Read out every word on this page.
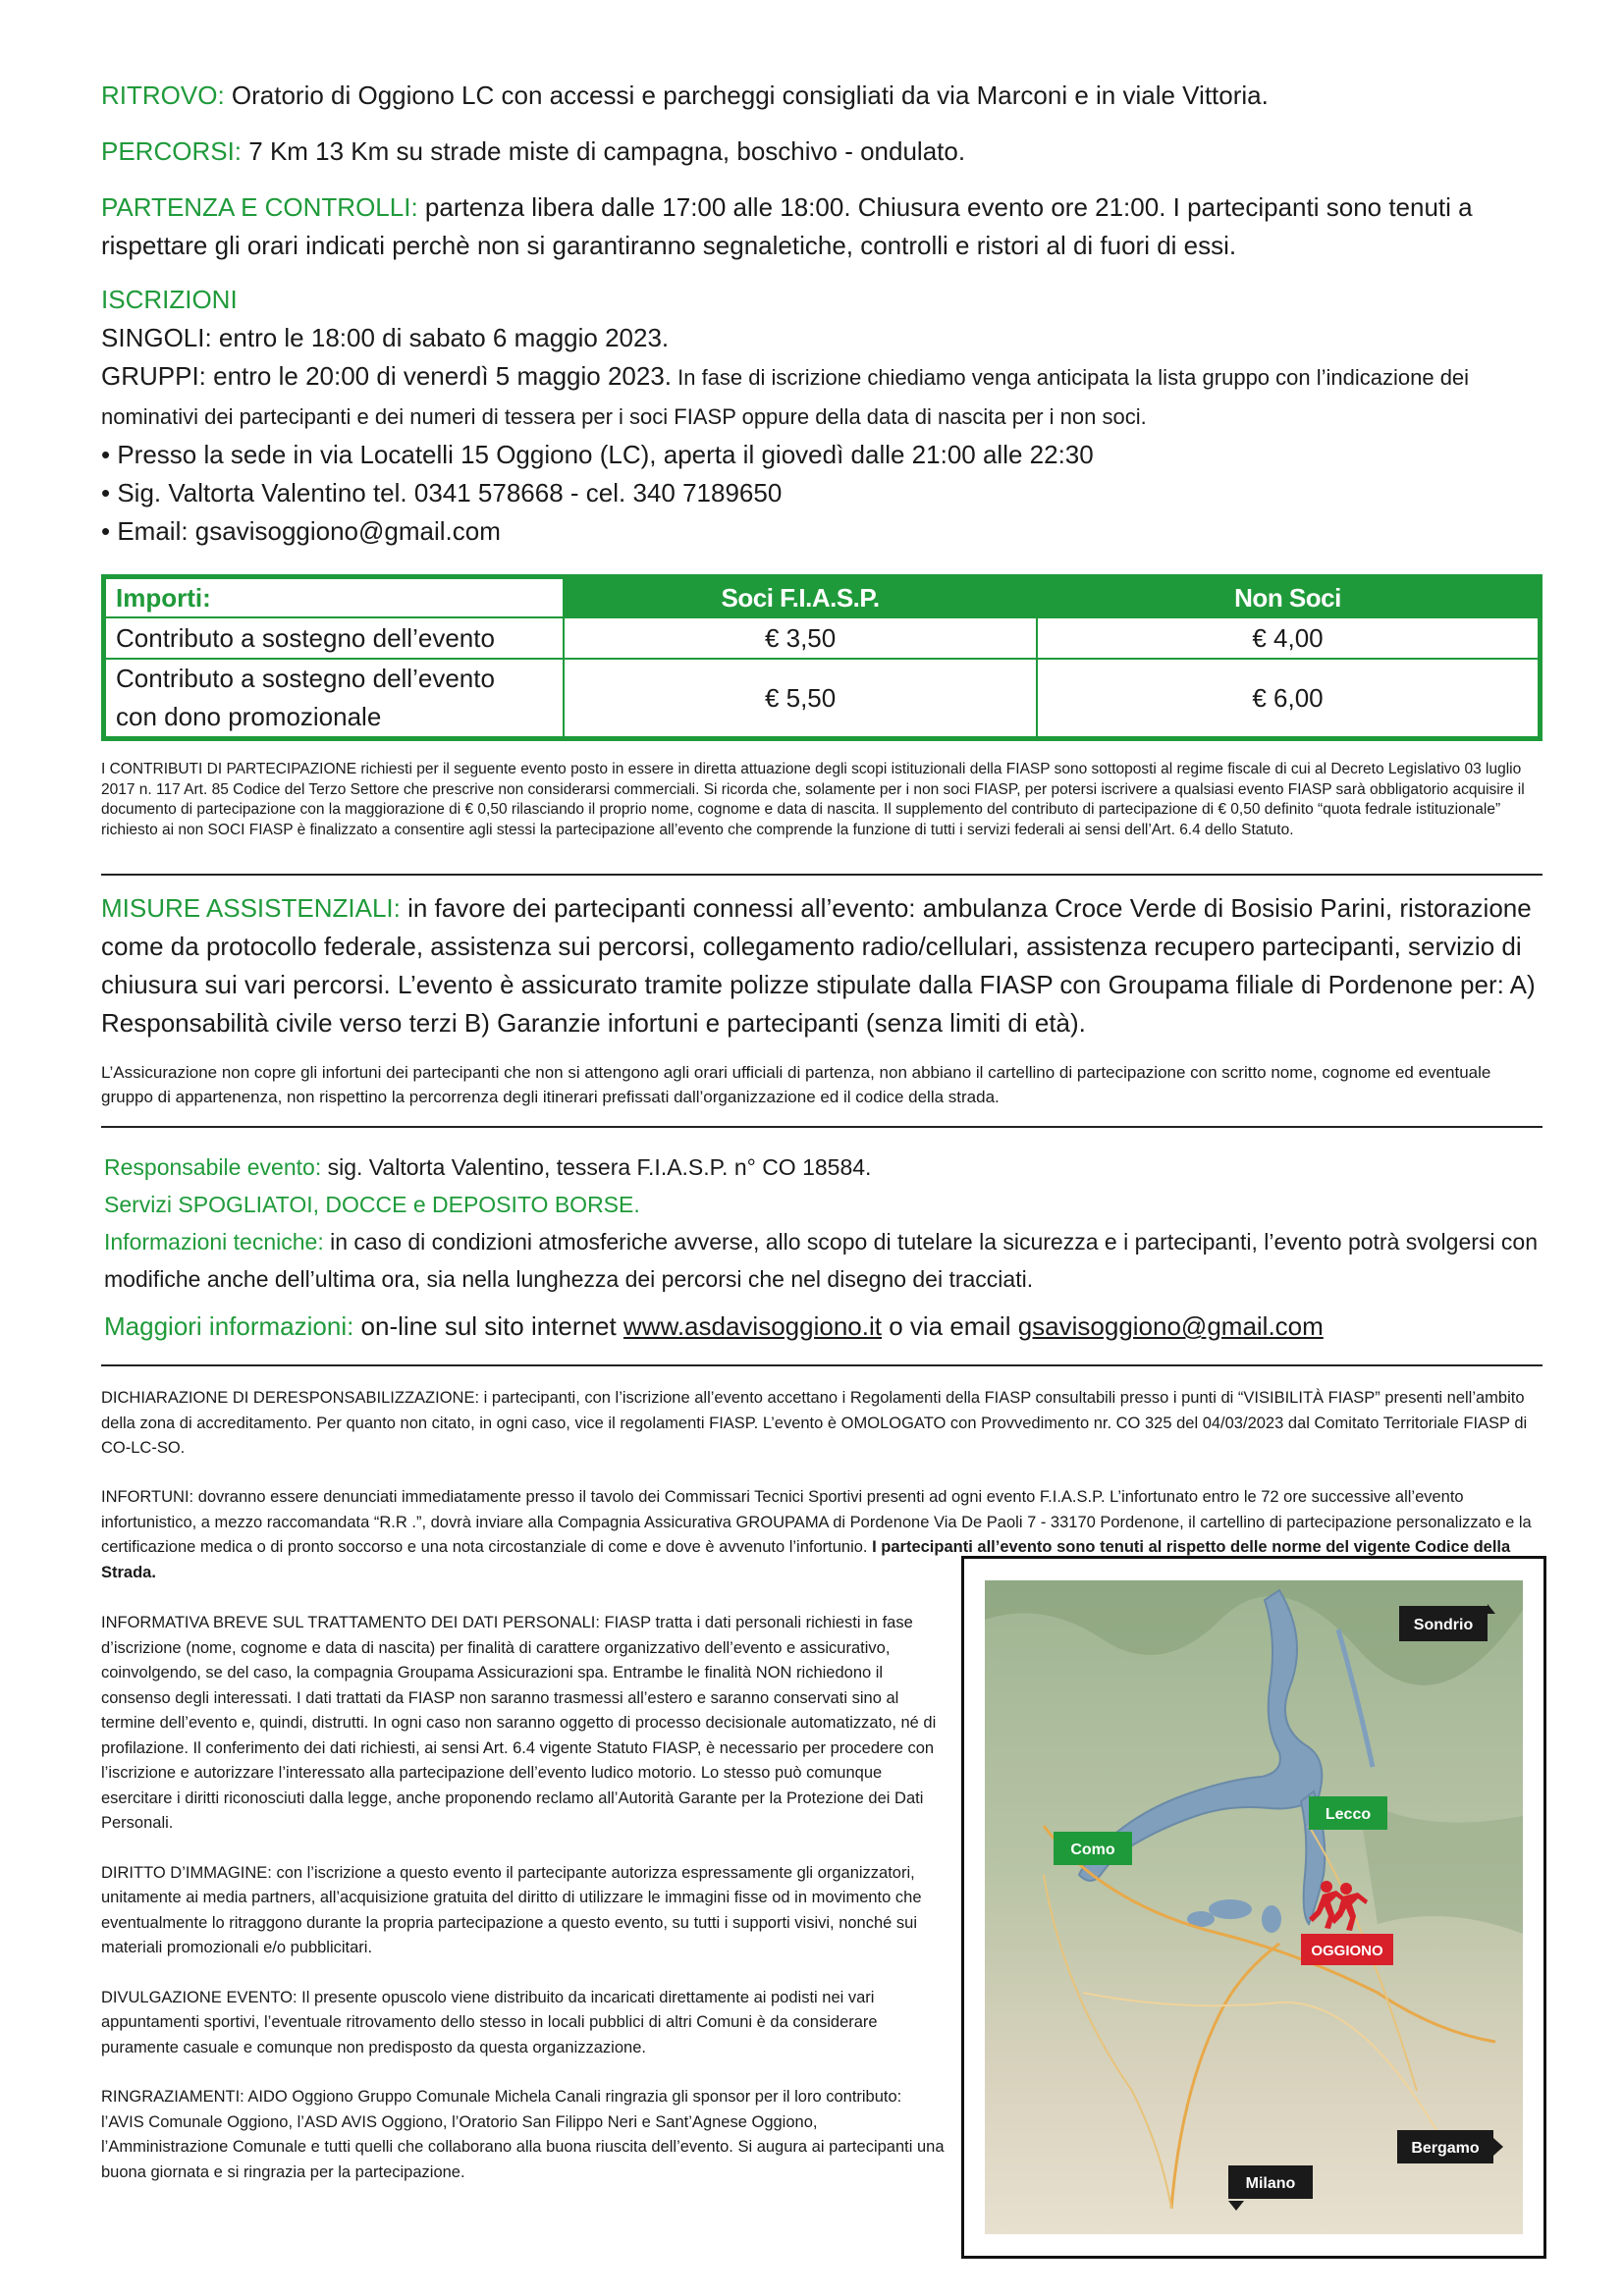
RITROVO: Oratorio di Oggiono LC con accessi e parcheggi consigliati da via Marconi e in viale Vittoria.

PERCORSI: 7 Km 13 Km su strade miste di campagna, boschivo - ondulato.

PARTENZA E CONTROLLI: partenza libera dalle 17:00 alle 18:00. Chiusura evento ore 21:00. I partecipanti sono tenuti a rispettare gli orari indicati perchè non si garantiranno segnaletiche, controlli e ristori al di fuori di essi.

ISCRIZIONI
SINGOLI: entro le 18:00 di sabato 6 maggio 2023.
GRUPPI: entro le 20:00 di venerdì 5 maggio 2023. In fase di iscrizione chiediamo venga anticipata la lista gruppo con l’indicazione dei nominativi dei partecipanti e dei numeri di tessera per i soci FIASP oppure della data di nascita per i non soci.
• Presso la sede in via Locatelli 15 Oggiono (LC), aperta il giovedì dalle 21:00 alle 22:30
• Sig. Valtorta Valentino tel. 0341 578668 - cel. 340 7189650
• Email: gsavisoggiono@gmail.com
Importi:	Soci F.I.A.S.P.	Non Soci
Contributo a sostegno dell’evento	€ 3,50	€ 4,00

Contributo a sostegno dell’evento
con dono promozionale	€ 5,50	€ 6,00

I CONTRIBUTI DI PARTECIPAZIONE richiesti per il seguente evento posto in essere in diretta attuazione degli scopi istituzionali della FIASP sono sottoposti al regime fiscale di cui al Decreto Legislativo 03 luglio 2017 n. 117 Art. 85 Codice del Terzo Settore che prescrive non considerarsi commerciali. Si ricorda che, solamente per i non soci FIASP, per potersi iscrivere a qualsiasi evento FIASP sarà obbligatorio acquisire il documento di partecipazione con la maggiorazione di € 0,50 rilasciando il proprio nome, cognome e data di nascita. Il supplemento del contributo di partecipazione di € 0,50 definito “quota fedrale istituzionale” richiesto ai non SOCI FIASP è finalizzato a consentire agli stessi la partecipazione all’evento che comprende la funzione di tutti i servizi federali ai sensi dell’Art. 6.4 dello Statuto.

MISURE ASSISTENZIALI: in favore dei partecipanti connessi all’evento: ambulanza Croce Verde di Bosisio Parini, ristorazione come da protocollo federale, assistenza sui percorsi, collegamento radio/cellulari, assistenza recupero partecipanti, servizio di chiusura sui vari percorsi. L’evento è assicurato tramite polizze stipulate dalla FIASP con Groupama filiale di Pordenone per: A) Responsabilità civile verso terzi B) Garanzie infortuni e partecipanti (senza limiti di età).

L’Assicurazione non copre gli infortuni dei partecipanti che non si attengono agli orari ufficiali di partenza, non abbiano il cartellino di partecipazione con scritto nome, cognome ed eventuale gruppo di appartenenza, non rispettino la percorrenza degli itinerari prefissati dall’organizzazione ed il codice della strada.

Responsabile evento: sig. Valtorta Valentino, tessera F.I.A.S.P. n° CO 18584.

Servizi SPOGLIATOI, DOCCE e DEPOSITO BORSE.

Informazioni tecniche: in caso di condizioni atmosferiche avverse, allo scopo di tutelare la sicurezza e i partecipanti, l’evento potrà svolgersi con modifiche anche dell’ultima ora, sia nella lunghezza dei percorsi che nel disegno dei tracciati.

Maggiori informazioni: on-line sul sito internet www.asdavisoggiono.it o via email gsavisoggiono@gmail.com

DICHIARAZIONE DI DERESPONSABILIZZAZIONE: i partecipanti, con l’iscrizione all’evento accettano i Regolamenti della FIASP consultabili presso i punti di “VISIBILITÀ FIASP” presenti nell’ambito della zona di accreditamento. Per quanto non citato, in ogni caso, vice il regolamenti FIASP. L’evento è OMOLOGATO con Provvedimento nr. CO 325 del 04/03/2023 dal Comitato Territoriale FIASP di CO-LC-SO.

INFORTUNI: dovranno essere denunciati immediatamente presso il tavolo dei Commissari Tecnici Sportivi presenti ad ogni evento F.I.A.S.P. L’infortunato entro le 72 ore successive all’evento infortunistico, a mezzo raccomandata “R.R .”, dovrà inviare alla Compagnia Assicurativa GROUPAMA di Pordenone Via De Paoli 7 - 33170 Pordenone, il cartellino di partecipazione personalizzato e la certificazione medica o di pronto soccorso e una nota circostanziale di come e dove è avvenuto l’infortunio. I partecipanti all’evento sono tenuti al rispetto delle norme del vigente Codice della Strada.

INFORMATIVA BREVE SUL TRATTAMENTO DEI DATI PERSONALI: FIASP tratta i dati personali richiesti in fase d’iscrizione (nome, cognome e data di nascita) per finalità di carattere organizzativo dell’evento e assicurativo, coinvolgendo, se del caso, la compagnia Groupama Assicurazioni spa. Entrambe le finalità NON richiedono il consenso degli interessati. I dati trattati da FIASP non saranno trasmessi all’estero e saranno conservati sino al termine dell’evento e, quindi, distrutti. In ogni caso non saranno oggetto di processo decisionale automatizzato, né di profilazione. Il conferimento dei dati richiesti, ai sensi Art. 6.4 vigente Statuto FIASP, è necessario per procedere con l’iscrizione e autorizzare l’interessato alla partecipazione dell’evento ludico motorio. Lo stesso può comunque esercitare i diritti riconosciuti dalla legge, anche proponendo reclamo all’Autorità Garante per la Protezione dei Dati Personali.

DIRITTO D’IMMAGINE: con l’iscrizione a questo evento il partecipante autorizza espressamente gli organizzatori, unitamente ai media partners, all’acquisizione gratuita del diritto di utilizzare le immagini fisse od in movimento che eventualmente lo ritraggono durante la propria partecipazione a questo evento, su tutti i supporti visivi, nonché sui materiali promozionali e/o pubblicitari.

DIVULGAZIONE EVENTO: Il presente opuscolo viene distribuito da incaricati direttamente ai podisti nei vari appuntamenti sportivi, l’eventuale ritrovamento dello stesso in locali pubblici di altri Comuni è da considerare puramente casuale e comunque non predisposto da questa organizzazione.

RINGRAZIAMENTI: AIDO Oggiono Gruppo Comunale Michela Canali ringrazia gli sponsor per il loro contributo: l’AVIS Comunale Oggiono, l’ASD AVIS Oggiono, l’Oratorio San Filippo Neri e Sant’Agnese Oggiono, l’Amministrazione Comunale e tutti quelli che collaborano alla buona riuscita dell’evento. Si augura ai partecipanti una buona giornata e si ringrazia per la partecipazione.

Sondrio
Lecco
Como
OGGIONO
Bergamo
Milano
